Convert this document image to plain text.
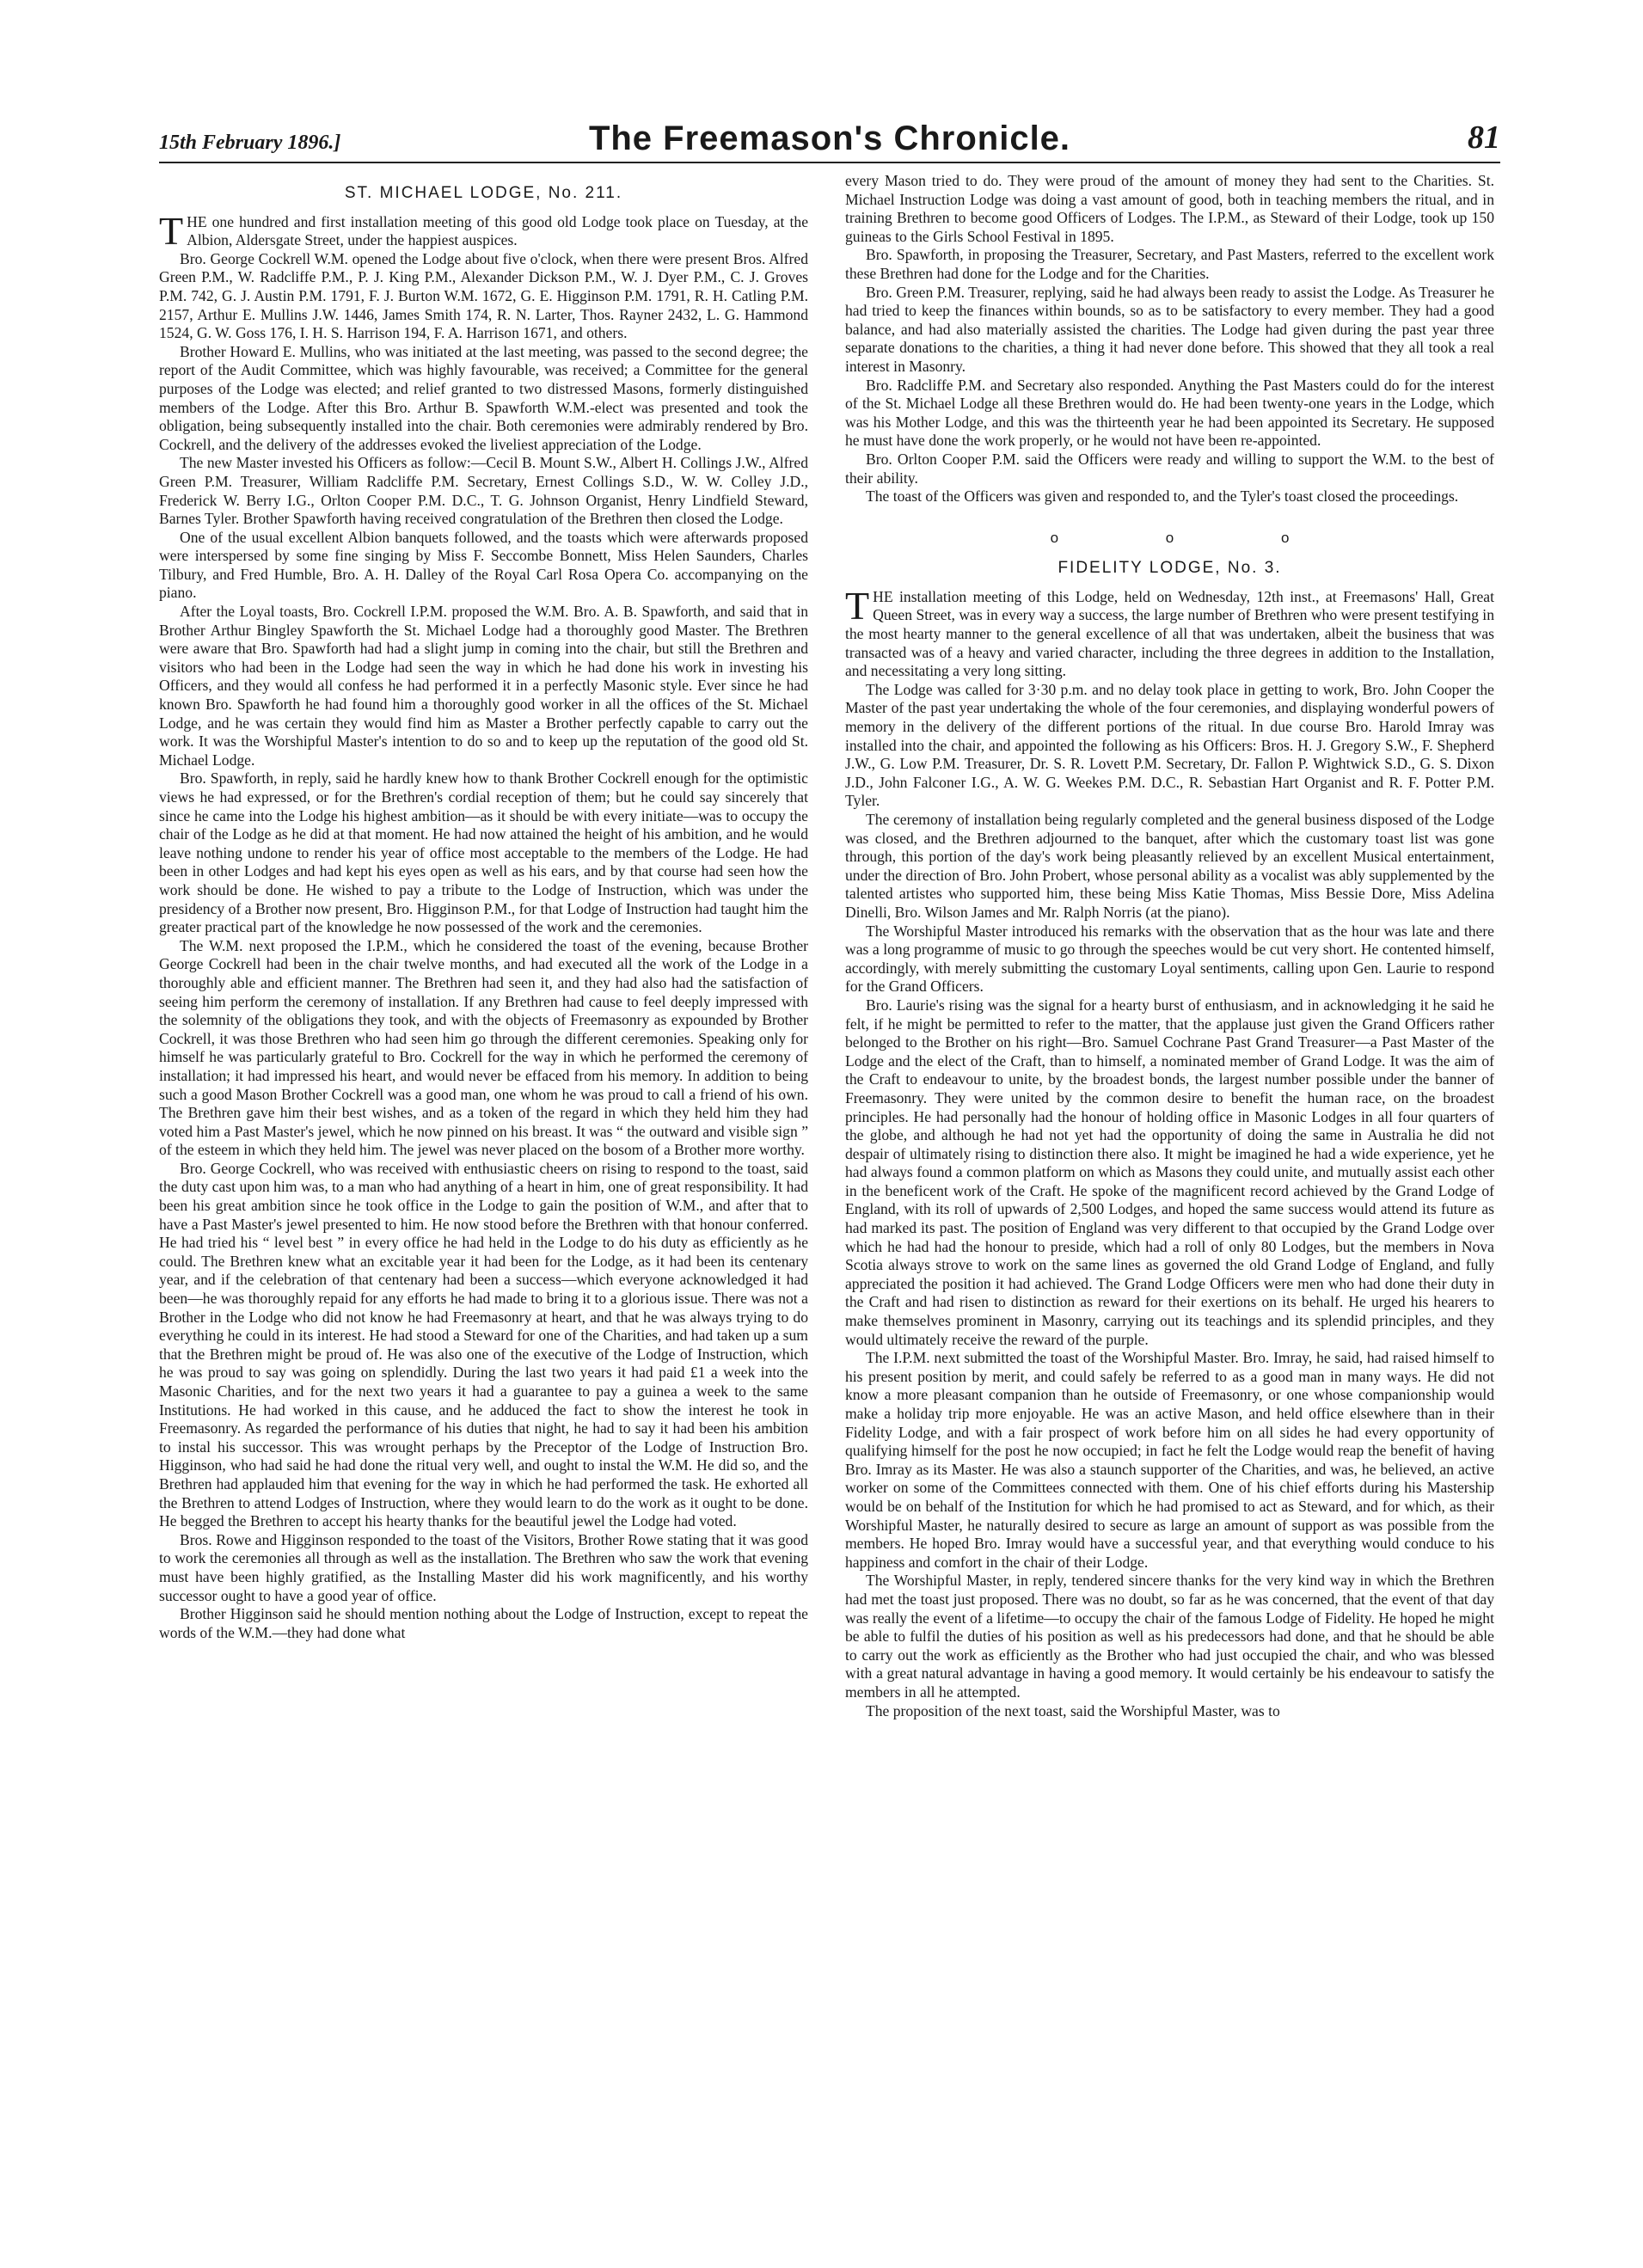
15th February 1896.]	The Freemason's Chronicle.	81
ST. MICHAEL LODGE, No. 211.

THE one hundred and first installation meeting of this good old Lodge took place on Tuesday, at the Albion, Aldersgate Street, under the happiest auspices.

Bro. George Cockrell W.M. opened the Lodge about five o'clock, when there were present Bros. Alfred Green P.M., W. Radcliffe P.M., P. J. King P.M., Alexander Dickson P.M., W. J. Dyer P.M., C. J. Groves P.M. 742, G. J. Austin P.M. 1791, F. J. Burton W.M. 1672, G. E. Higginson P.M. 1791, R. H. Catling P.M. 2157, Arthur E. Mullins J.W. 1446, James Smith 174, R. N. Larter, Thos. Rayner 2432, L. G. Hammond 1524, G. W. Goss 176, I. H. S. Harrison 194, F. A. Harrison 1671, and others.

Brother Howard E. Mullins, who was initiated at the last meeting, was passed to the second degree; the report of the Audit Committee, which was highly favourable, was received; a Committee for the general purposes of the Lodge was elected; and relief granted to two distressed Masons, formerly distinguished members of the Lodge. After this Bro. Arthur B. Spawforth W.M.-elect was presented and took the obligation, being subsequently installed into the chair. Both ceremonies were admirably rendered by Bro. Cockrell, and the delivery of the addresses evoked the liveliest appreciation of the Lodge.

The new Master invested his Officers as follow:—Cecil B. Mount S.W., Albert H. Collings J.W., Alfred Green P.M. Treasurer, William Radcliffe P.M. Secretary, Ernest Collings S.D., W. W. Colley J.D., Frederick W. Berry I.G., Orlton Cooper P.M. D.C., T. G. Johnson Organist, Henry Lindfield Steward, Barnes Tyler. Brother Spawforth having received congratulation of the Brethren then closed the Lodge.

One of the usual excellent Albion banquets followed, and the toasts which were afterwards proposed were interspersed by some fine singing by Miss F. Seccombe Bonnett, Miss Helen Saunders, Charles Tilbury, and Fred Humble, Bro. A. H. Dalley of the Royal Carl Rosa Opera Co. accompanying on the piano.

After the Loyal toasts, Bro. Cockrell I.P.M. proposed the W.M. Bro. A. B. Spawforth, and said that in Brother Arthur Bingley Spawforth the St. Michael Lodge had a thoroughly good Master. The Brethren were aware that Bro. Spawforth had had a slight jump in coming into the chair, but still the Brethren and visitors who had been in the Lodge had seen the way in which he had done his work in investing his Officers, and they would all confess he had performed it in a perfectly Masonic style. Ever since he had known Bro. Spawforth he had found him a thoroughly good worker in all the offices of the St. Michael Lodge, and he was certain they would find him as Master a Brother perfectly capable to carry out the work. It was the Worshipful Master's intention to do so and to keep up the reputation of the good old St. Michael Lodge.

Bro. Spawforth, in reply, said he hardly knew how to thank Brother Cockrell enough for the optimistic views he had expressed, or for the Brethren's cordial reception of them; but he could say sincerely that since he came into the Lodge his highest ambition—as it should be with every initiate—was to occupy the chair of the Lodge as he did at that moment. He had now attained the height of his ambition, and he would leave nothing undone to render his year of office most acceptable to the members of the Lodge. He had been in other Lodges and had kept his eyes open as well as his ears, and by that course had seen how the work should be done. He wished to pay a tribute to the Lodge of Instruction, which was under the presidency of a Brother now present, Bro. Higginson P.M., for that Lodge of Instruction had taught him the greater practical part of the knowledge he now possessed of the work and the ceremonies.

The W.M. next proposed the I.P.M., which he considered the toast of the evening, because Brother George Cockrell had been in the chair twelve months, and had executed all the work of the Lodge in a thoroughly able and efficient manner. The Brethren had seen it, and they had also had the satisfaction of seeing him perform the ceremony of installation. If any Brethren had cause to feel deeply impressed with the solemnity of the obligations they took, and with the objects of Freemasonry as expounded by Brother Cockrell, it was those Brethren who had seen him go through the different ceremonies. Speaking only for himself he was particularly grateful to Bro. Cockrell for the way in which he performed the ceremony of installation; it had impressed his heart, and would never be effaced from his memory. In addition to being such a good Mason Brother Cockrell was a good man, one whom he was proud to call a friend of his own. The Brethren gave him their best wishes, and as a token of the regard in which they held him they had voted him a Past Master's jewel, which he now pinned on his breast. It was “ the outward and visible sign ” of the esteem in which they held him. The jewel was never placed on the bosom of a Brother more worthy.

Bro. George Cockrell, who was received with enthusiastic cheers on rising to respond to the toast, said the duty cast upon him was, to a man who had anything of a heart in him, one of great responsibility. It had been his great ambition since he took office in the Lodge to gain the position of W.M., and after that to have a Past Master's jewel presented to him. He now stood before the Brethren with that honour conferred. He had tried his “ level best ” in every office he had held in the Lodge to do his duty as efficiently as he could. The Brethren knew what an excitable year it had been for the Lodge, as it had been its centenary year, and if the celebration of that centenary had been a success—which everyone acknowledged it had been—he was thoroughly repaid for any efforts he had made to bring it to a glorious issue. There was not a Brother in the Lodge who did not know he had Freemasonry at heart, and that he was always trying to do everything he could in its interest. He had stood a Steward for one of the Charities, and had taken up a sum that the Brethren might be proud of. He was also one of the executive of the Lodge of Instruction, which he was proud to say was going on splendidly. During the last two years it had paid £1 a week into the Masonic Charities, and for the next two years it had a guarantee to pay a guinea a week to the same Institutions. He had worked in this cause, and he adduced the fact to show the interest he took in Freemasonry. As regarded the performance of his duties that night, he had to say it had been his ambition to instal his successor. This was wrought perhaps by the Preceptor of the Lodge of Instruction Bro. Higginson, who had said he had done the ritual very well, and ought to instal the W.M. He did so, and the Brethren had applauded him that evening for the way in which he had performed the task. He exhorted all the Brethren to attend Lodges of Instruction, where they would learn to do the work as it ought to be done. He begged the Brethren to accept his hearty thanks for the beautiful jewel the Lodge had voted.

Bros. Rowe and Higginson responded to the toast of the Visitors, Brother Rowe stating that it was good to work the ceremonies all through as well as the installation. The Brethren who saw the work that evening must have been highly gratified, as the Installing Master did his work magnificently, and his worthy successor ought to have a good year of office.

Brother Higginson said he should mention nothing about the Lodge of Instruction, except to repeat the words of the W.M.—they had done what

every Mason tried to do. They were proud of the amount of money they had sent to the Charities. St. Michael Instruction Lodge was doing a vast amount of good, both in teaching members the ritual, and in training Brethren to become good Officers of Lodges. The I.P.M., as Steward of their Lodge, took up 150 guineas to the Girls School Festival in 1895.

Bro. Spawforth, in proposing the Treasurer, Secretary, and Past Masters, referred to the excellent work these Brethren had done for the Lodge and for the Charities.

Bro. Green P.M. Treasurer, replying, said he had always been ready to assist the Lodge. As Treasurer he had tried to keep the finances within bounds, so as to be satisfactory to every member. They had a good balance, and had also materially assisted the charities. The Lodge had given during the past year three separate donations to the charities, a thing it had never done before. This showed that they all took a real interest in Masonry.

Bro. Radcliffe P.M. and Secretary also responded. Anything the Past Masters could do for the interest of the St. Michael Lodge all these Brethren would do. He had been twenty-one years in the Lodge, which was his Mother Lodge, and this was the thirteenth year he had been appointed its Secretary. He supposed he must have done the work properly, or he would not have been re-appointed.

Bro. Orlton Cooper P.M. said the Officers were ready and willing to support the W.M. to the best of their ability.

The toast of the Officers was given and responded to, and the Tyler's toast closed the proceedings.

o o o
FIDELITY LODGE, No. 3.

THE installation meeting of this Lodge, held on Wednesday, 12th inst., at Freemasons' Hall, Great Queen Street, was in every way a success, the large number of Brethren who were present testifying in the most hearty manner to the general excellence of all that was undertaken, albeit the business that was transacted was of a heavy and varied character, including the three degrees in addition to the Installation, and necessitating a very long sitting.

The Lodge was called for 3·30 p.m. and no delay took place in getting to work, Bro. John Cooper the Master of the past year undertaking the whole of the four ceremonies, and displaying wonderful powers of memory in the delivery of the different portions of the ritual. In due course Bro. Harold Imray was installed into the chair, and appointed the following as his Officers: Bros. H. J. Gregory S.W., F. Shepherd J.W., G. Low P.M. Treasurer, Dr. S. R. Lovett P.M. Secretary, Dr. Fallon P. Wightwick S.D., G. S. Dixon J.D., John Falconer I.G., A. W. G. Weekes P.M. D.C., R. Sebastian Hart Organist and R. F. Potter P.M. Tyler.

The ceremony of installation being regularly completed and the general business disposed of the Lodge was closed, and the Brethren adjourned to the banquet, after which the customary toast list was gone through, this portion of the day's work being pleasantly relieved by an excellent Musical entertainment, under the direction of Bro. John Probert, whose personal ability as a vocalist was ably supplemented by the talented artistes who supported him, these being Miss Katie Thomas, Miss Bessie Dore, Miss Adelina Dinelli, Bro. Wilson James and Mr. Ralph Norris (at the piano).

The Worshipful Master introduced his remarks with the observation that as the hour was late and there was a long programme of music to go through the speeches would be cut very short. He contented himself, accordingly, with merely submitting the customary Loyal sentiments, calling upon Gen. Laurie to respond for the Grand Officers.

Bro. Laurie's rising was the signal for a hearty burst of enthusiasm, and in acknowledging it he said he felt, if he might be permitted to refer to the matter, that the applause just given the Grand Officers rather belonged to the Brother on his right—Bro. Samuel Cochrane Past Grand Treasurer—a Past Master of the Lodge and the elect of the Craft, than to himself, a nominated member of Grand Lodge. It was the aim of the Craft to endeavour to unite, by the broadest bonds, the largest number possible under the banner of Freemasonry. They were united by the common desire to benefit the human race, on the broadest principles. He had personally had the honour of holding office in Masonic Lodges in all four quarters of the globe, and although he had not yet had the opportunity of doing the same in Australia he did not despair of ultimately rising to distinction there also. It might be imagined he had a wide experience, yet he had always found a common platform on which as Masons they could unite, and mutually assist each other in the beneficent work of the Craft. He spoke of the magnificent record achieved by the Grand Lodge of England, with its roll of upwards of 2,500 Lodges, and hoped the same success would attend its future as had marked its past. The position of England was very different to that occupied by the Grand Lodge over which he had had the honour to preside, which had a roll of only 80 Lodges, but the members in Nova Scotia always strove to work on the same lines as governed the old Grand Lodge of England, and fully appreciated the position it had achieved. The Grand Lodge Officers were men who had done their duty in the Craft and had risen to distinction as reward for their exertions on its behalf. He urged his hearers to make themselves prominent in Masonry, carrying out its teachings and its splendid principles, and they would ultimately receive the reward of the purple.

The I.P.M. next submitted the toast of the Worshipful Master. Bro. Imray, he said, had raised himself to his present position by merit, and could safely be referred to as a good man in many ways. He did not know a more pleasant companion than he outside of Freemasonry, or one whose companionship would make a holiday trip more enjoyable. He was an active Mason, and held office elsewhere than in their Fidelity Lodge, and with a fair prospect of work before him on all sides he had every opportunity of qualifying himself for the post he now occupied; in fact he felt the Lodge would reap the benefit of having Bro. Imray as its Master. He was also a staunch supporter of the Charities, and was, he believed, an active worker on some of the Committees connected with them. One of his chief efforts during his Mastership would be on behalf of the Institution for which he had promised to act as Steward, and for which, as their Worshipful Master, he naturally desired to secure as large an amount of support as was possible from the members. He hoped Bro. Imray would have a successful year, and that everything would conduce to his happiness and comfort in the chair of their Lodge.

The Worshipful Master, in reply, tendered sincere thanks for the very kind way in which the Brethren had met the toast just proposed. There was no doubt, so far as he was concerned, that the event of that day was really the event of a lifetime—to occupy the chair of the famous Lodge of Fidelity. He hoped he might be able to fulfil the duties of his position as well as his predecessors had done, and that he should be able to carry out the work as efficiently as the Brother who had just occupied the chair, and who was blessed with a great natural advantage in having a good memory. It would certainly be his endeavour to satisfy the members in all he attempted.

The proposition of the next toast, said the Worshipful Master, was to
